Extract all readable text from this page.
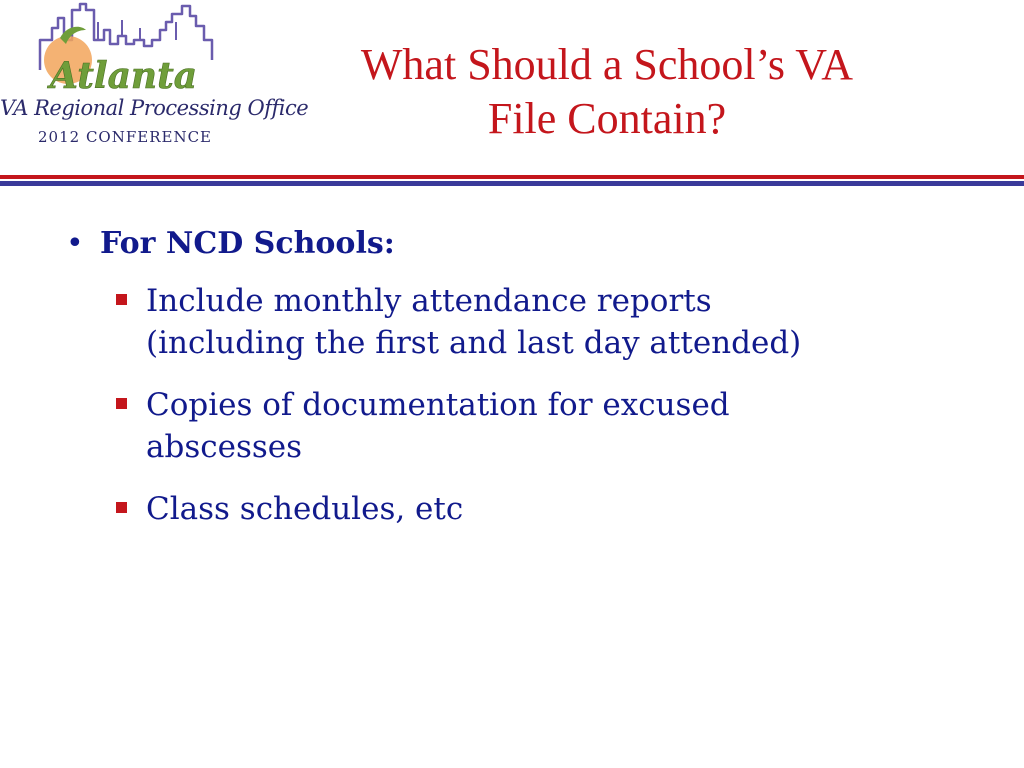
Atlanta
VA Regional Processing Office
2012 CONFERENCE
What Should a School’s VA
File Contain?
• For NCD Schools:
Include monthly attendance reports
(including the first and last day attended)
Copies of documentation for excused
abscesses
Class schedules, etc
